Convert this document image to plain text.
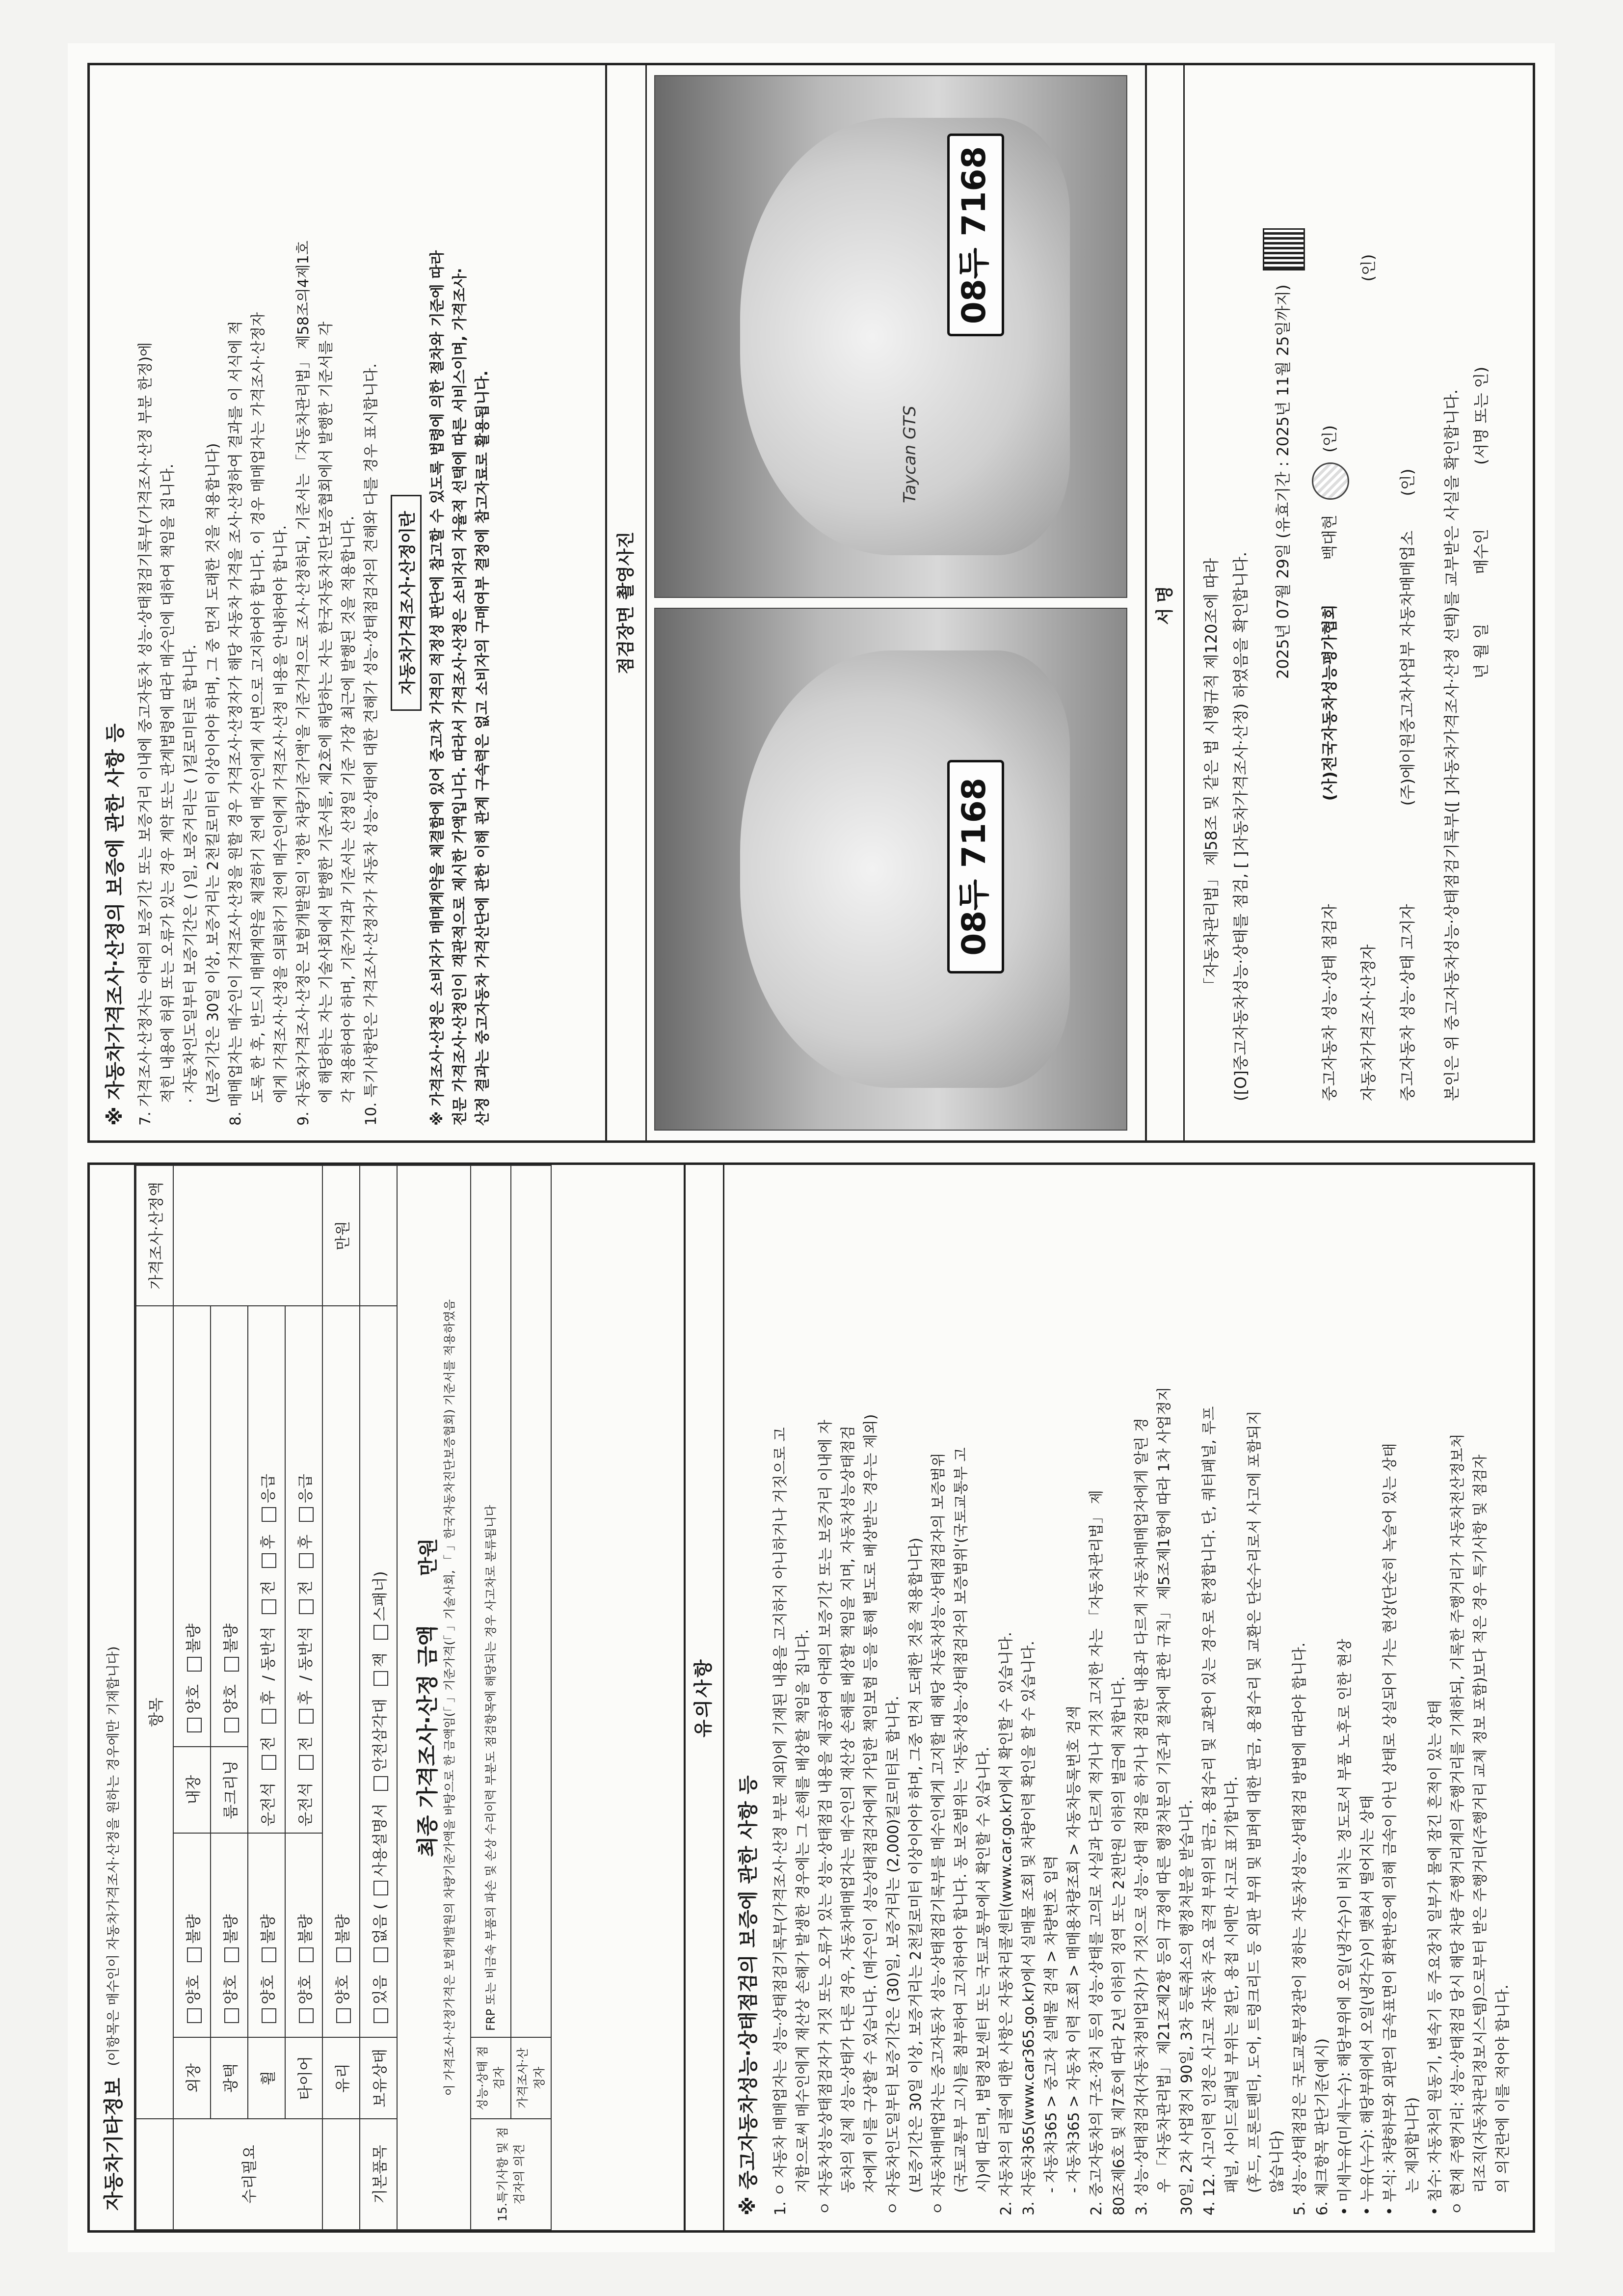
자동차기타정보
(이항목은 매수인이 자동차가격조사·산정을 원하는 경우에만 기재합니다)
	항목				가격조사·산정액
수리필요	외장	양호 불량	내장	양호 불량	
	광택	양호 불량	룸크리닝	양호 불량	
	휠	양호 불량	운전석 전 후  / 동반석 전 후 응급		
	타이어	양호 불량	운전석 전 후  / 동반석 전 후 응급		
	유리	양호 불량			만원
기본품목	보유상태	있음 없음 (사용설명서 안전삼각대 잭 스패너)			
최종 가격조사·산정 금액 만원 이 가격조사·산정가격은 보험개발원의 차량기준가액을 바탕으로 한 금액임(「 」기준가격(「 」기술사회, 「 」한국자동차진단보증협회) 기준서를 적용하였음					

15.특기사항 및 점검자의 의견	성능·상태 점검자	FRP 또는 비금속 부품의 파손 및 손상 수리이력 부분도 점검항목에 해당되는 경우 사고차로 분류됩니다			
	가격조사·산정자				
유의사항
※ 중고자동차성능·상태점검의 보증에 관한 사항 등 1. ㅇ 자동차 매매업자는 성능·상태점검기록부(가격조사·산정 부분 제외)에 기재된 내용을 고지하지 아니하거나 거짓으로 고 지함으로써 매수인에게 재산상 손해가 발생한 경우에는 그 손해를 배상할 책임을 집니다. ㅇ 자동차성능상태점검자가 거짓 또는 오류가 있는 성능·상태점검 내용을 제공하여 아래의 보증기간 또는 보증거리 이내에 자 동차의 실제 성능·상태가 다른 경우, 자동차매매업자는 매수인의 재산상 손해를 배상할 책임을 지며, 자동차성능상태점검 자에게 이를 구상할 수 있습니다. (매수인이 성능상태점검자에게 가입한 책임보험 등을 통해 별도로 배상받는 경우는 제외) ㅇ 자동차인도일부터 보증기간은 (30)일, 보증거리는 (2,000)킬로미터로 합니다. (보증기간은 30일 이상, 보증거리는 2천킬로미터 이상이어야 하며, 그중 먼저 도래한 것을 적용합니다) ㅇ 자동차매매업자는 중고자동차 성능·상태점검기록부를 매수인에게 고지할 때 해당 자동차성능·상태점검자의 보증범위 (국토교통부 고시)를 첨부하여 고지하여야 합니다. 동 보증범위는 '자동차성능·상태점검자의 보증범위'(국토교통부 고 시)에 따르며, 법령정보센터 또는 국토교통부에서 확인할 수 있습니다. 2. 자동차의 리콜에 대한 사항은 자동차리콜센터(www.car.go.kr)에서 확인할 수 있습니다. 3. 자동차365(www.car365.go.kr)에서 실매물 조회 및 차량이력 확인을 할 수 있습니다. - 자동차365 > 중고차 실매물 검색 > 차량번호 입력 - 자동차365 > 자동차 이력 조회 > 매매용차량조회 > 자동차등록번호 검색 2. 중고자동차의 구조·장치 등의 성능·상태를 고의로 사실과 다르게 적거나 거짓 고지한 자는 「자동차관리법」 제 80조제6호 및 제7호에 따라 2년 이하의 징역 또는 2천만원 이하의 벌금에 처합니다. 3. 성능·상태점검자(자동차정비업자)가 거짓으로 성능·상태 점검을 하거나 점검한 내용과 다르게 자동차매매업자에게 알린 경 우 「자동차관리법」 제21조제2항 등의 규정에 따른 행정처분의 기준과 절차에 관한 규칙」 제5조제1항에 따라 1차 사업정지 30일, 2차 사업정지 90일, 3차 등록취소의 행정처분을 받습니다. 4. 12. 사고이력 인정은 사고로 자동차 주요 골격 부위의 판금, 용접수리 및 교환이 있는 경우로 한정합니다. 단, 쿼터패널, 루프 패널, 사이드실패널 부위는 절단, 용접 시에만 사고로 표기합니다. (후드, 프론트펜더, 도어, 트렁크리드 등 외판 부위 및 범퍼에 대한 판금, 용접수리 및 교환은 단순수리로서 사고에 포함되지 않습니다) 5. 성능·상태점검은 국토교통부장관이 정하는 자동차성능·상태점검 방법에 따라야 합니다. 6. 체크항목 판단기준(예시) • 미세누유(미세누수): 해당부위에 오일(냉각수)이 비치는 정도로서 부품 노후로 인한 현상 • 누유(누수): 해당부위에서 오일(냉각수)이 맺혀서 떨어지는 상태 • 부식: 차량하부와 외판의 금속표면이 화학반응에 의해 금속이 아닌 상태로 상실되어 가는 현상(단순히 녹슬어 있는 상태 는 제외합니다) • 침수: 자동차의 원동기, 변속기 등 주요장치 일부가 물에 잠긴 흔적이 있는 상태 ㅇ 현재 주행거리: 성능·상태점검 당시 해당 차량 주행거리계의 주행거리를 기재하되, 기록한 주행거리가 자동차전산정보처 리조직(자동차관리정보시스템)으로부터 받은 주행거리(주행거리 교체 정보 포함)보다 적은 경우 특기사항 및 점검자 의 의견란에 이를 적어야 합니다.
※ 자동차가격조사·산정의 보증에 관한 사항 등 7. 가격조사·산정자는 아래의 보증기간 또는 보증거리 이내에 중고자동차 성능·상태점검기록부(가격조사·산정 부분 한정)에 적힌 내용에 허위 또는 오류가 있는 경우 계약 또는 관계법령에 따라 매수인에 대하여 책임을 집니다. · 자동차인도일부터 보증기간은 ( )일, 보증거리는 ( )킬로미터로 합니다. (보증기간은 30일 이상, 보증거리는 2천킬로미터 이상이어야 하며, 그 중 먼저 도래한 것을 적용합니다) 8. 매매업자는 매수인이 가격조사·산정을 원할 경우 가격조사·산정자가 해당 자동차 가격을 조사·산정하여 결과를 이 서식에 적 도록 한 후, 반드시 매매계약을 체결하기 전에 매수인에게 서면으로 고지하여야 합니다. 이 경우 매매업자는 가격조사·산정자 에게 가격조사·산정을 의뢰하기 전에 매수인에게 가격조사·산정 비용을 안내하여야 합니다. 9. 자동차가격조사·산정은 보험개발원의 '정한 차량기준가액'을 기준가격으로 조사·산정하되, 기준서는 「자동차관리법」 제58조의4제1호 에 해당하는 자는 기술사회에서 발행한 기준서를, 제2호에 해당하는 자는 한국자동차진단보증협회에서 발행한 기준서를 각 각 적용하여야 하며, 기준가격과 기준서는 산정일 기준 가장 최근에 발행된 것을 적용합니다. 10. 특기사항란은 가격조사·산정자가 자동차 성능·상태에 대한 견해가 성능·상태점검자의 견해와 다를 경우 표시합니다.	자동차가격조사·산정이란 ※ 가격조사·산정은 소비자가 매매계약을 체결함에 있어 중고차 가격의 적정성 판단에 참고할 수 있도록 법령에 의한 절차와 기준에 따라 전문 가격조사·산정인이 객관적으로 제시한 가액입니다. 따라서 가격조사·산정은 소비자의 자율적 선택에 따른 서비스이며, 가격조사· 산정 결과는 중고자동차 가격산단에 관한 이해 관계 구속력은 없고 소비자의 구매여부 결정에 참고자료로 활용됩니다.	점검장면 촬영사진
08두 7168
Taycan GTS
08두 7168
서명	「자동차관리법」 제58조 및 같은 법 시행규칙 제120조에 따라 ([O]중고자동차성능·상태를 점검, [ ]자동차가격조사·산정) 하였음을 확인합니다.
2025년 07월 29일 (유효기간 : 2025년 11월 25일까지)
중고자동차 성능·상태 점검자 (사)전국자동차성능평가협회 백대현  (인)
자동차가격조사·산정자 (인)
중고자동차 성능·상태 고지자 (주)에이원중고차사업부 자동차매매업소 (인) 본인은 위 중고자동차성능·상태점검기록부([ ]자동차가격조사·산정 선택)를 교부받은 사실을 확인합니다. 년 월 일 매수인 (서명 또는 인)
